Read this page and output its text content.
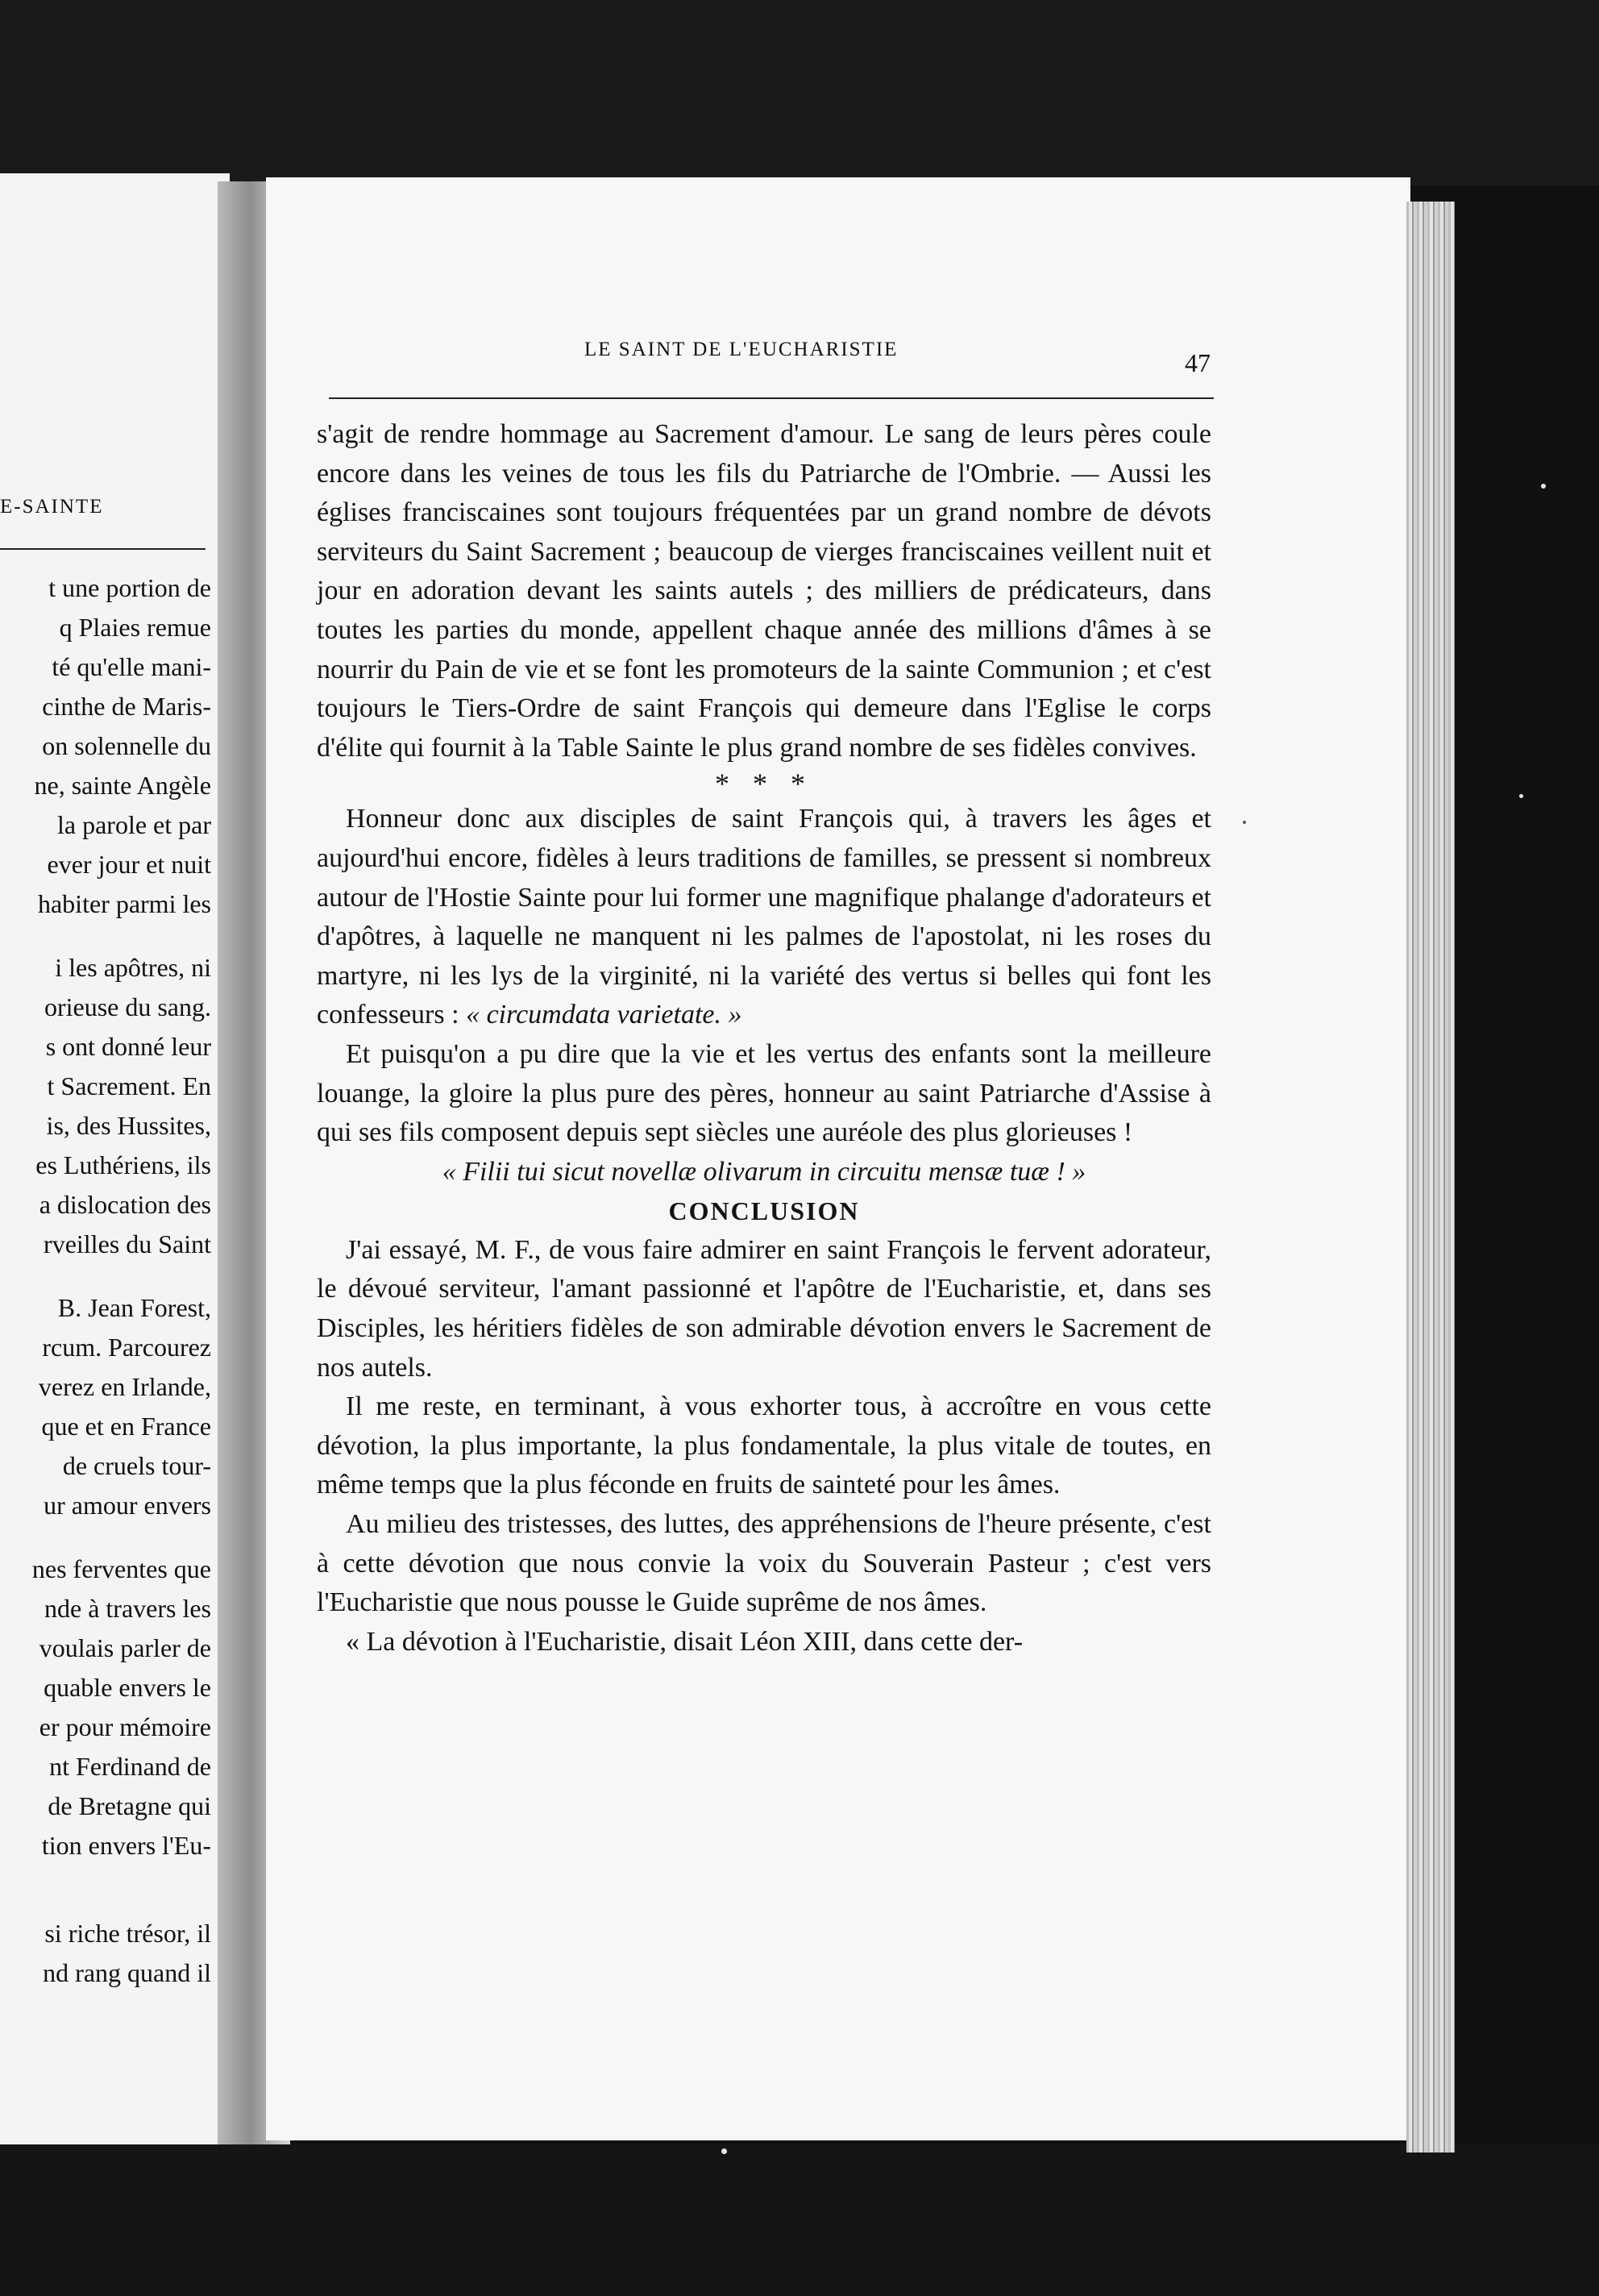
E-SAINTE
t une portion de
q Plaies remue
té qu'elle mani-
cinthe de Maris-
on solennelle du
ne, sainte Angèle
la parole et par
ever jour et nuit
habiter parmi les
i les apôtres, ni
orieuse du sang.
s ont donné leur
t Sacrement. En
is, des Hussites,
es Luthériens, ils
a dislocation des
rveilles du Saint
B. Jean Forest,
rcum. Parcourez
verez en Irlande,
que et en France
de cruels tour-
ur amour envers
nes ferventes que
nde à travers les
voulais parler de
quable envers le
er pour mémoire
nt Ferdinand de
de Bretagne qui
tion envers l'Eu-
si riche trésor, il
nd rang quand il
LE SAINT DE L'EUCHARISTIE	47

s'agit de rendre hommage au Sacrement d'amour. Le sang de leurs pères coule encore dans les veines de tous les fils du Patriarche de l'Ombrie. — Aussi les églises franciscaines sont toujours fréquentées par un grand nombre de dévots serviteurs du Saint Sacrement ; beaucoup de vierges franciscaines veillent nuit et jour en adoration devant les saints autels ; des milliers de prédicateurs, dans toutes les parties du monde, appellent chaque année des millions d'âmes à se nourrir du Pain de vie et se font les promoteurs de la sainte Communion ; et c'est toujours le Tiers-Ordre de saint François qui demeure dans l'Eglise le corps d'élite qui fournit à la Table Sainte le plus grand nombre de ses fidèles convives.

* * *

Honneur donc aux disciples de saint François qui, à travers les âges et aujourd'hui encore, fidèles à leurs traditions de familles, se pressent si nombreux autour de l'Hostie Sainte pour lui former une magnifique phalange d'adorateurs et d'apôtres, à laquelle ne manquent ni les palmes de l'apostolat, ni les roses du martyre, ni les lys de la virginité, ni la variété des vertus si belles qui font les confesseurs : « circumdata varietate. »

Et puisqu'on a pu dire que la vie et les vertus des enfants sont la meilleure louange, la gloire la plus pure des pères, honneur au saint Patriarche d'Assise à qui ses fils composent depuis sept siècles une auréole des plus glorieuses !

« Filii tui sicut novellæ olivarum in circuitu mensæ tuæ ! »

CONCLUSION

J'ai essayé, M. F., de vous faire admirer en saint François le fervent adorateur, le dévoué serviteur, l'amant passionné et l'apôtre de l'Eucharistie, et, dans ses Disciples, les héritiers fidèles de son admirable dévotion envers le Sacrement de nos autels.

Il me reste, en terminant, à vous exhorter tous, à accroître en vous cette dévotion, la plus importante, la plus fondamentale, la plus vitale de toutes, en même temps que la plus féconde en fruits de sainteté pour les âmes.

Au milieu des tristesses, des luttes, des appréhensions de l'heure présente, c'est à cette dévotion que nous convie la voix du Souverain Pasteur ; c'est vers l'Eucharistie que nous pousse le Guide suprême de nos âmes.

« La dévotion à l'Eucharistie, disait Léon XIII, dans cette der-
